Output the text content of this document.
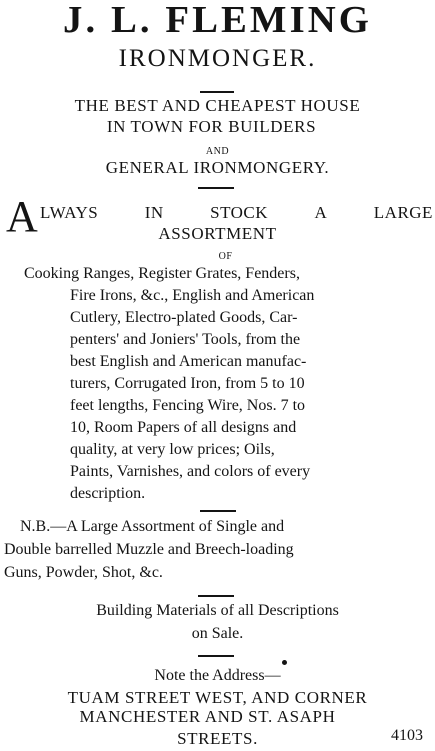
J. L. FLEMING
IRONMONGER.
THE BEST AND CHEAPEST HOUSE
IN TOWN FOR BUILDERS
AND
GENERAL IRONMONGERY.
A LWAYS	IN	STOCK	A	LARGE
ASSORTMENT
OF
Cooking Ranges, Register Grates, Fenders,
Fire Irons, &c., English and American
Cutlery, Electro-plated Goods, Car-
penters' and Joniers' Tools, from the
best English and American manufac-
turers, Corrugated Iron, from 5 to 10
feet lengths, Fencing Wire, Nos. 7 to
10, Room Papers of all designs and
quality, at very low prices; Oils,
Paints, Varnishes, and colors of every
description.
N.B.—A Large Assortment of Single and
Double barrelled Muzzle and Breech-loading
Guns, Powder, Shot, &c.
Building Materials of all Descriptions
on Sale.
Note the Address—
TUAM STREET WEST, AND CORNER
MANCHESTER AND ST. ASAPH
STREETS.	4103
